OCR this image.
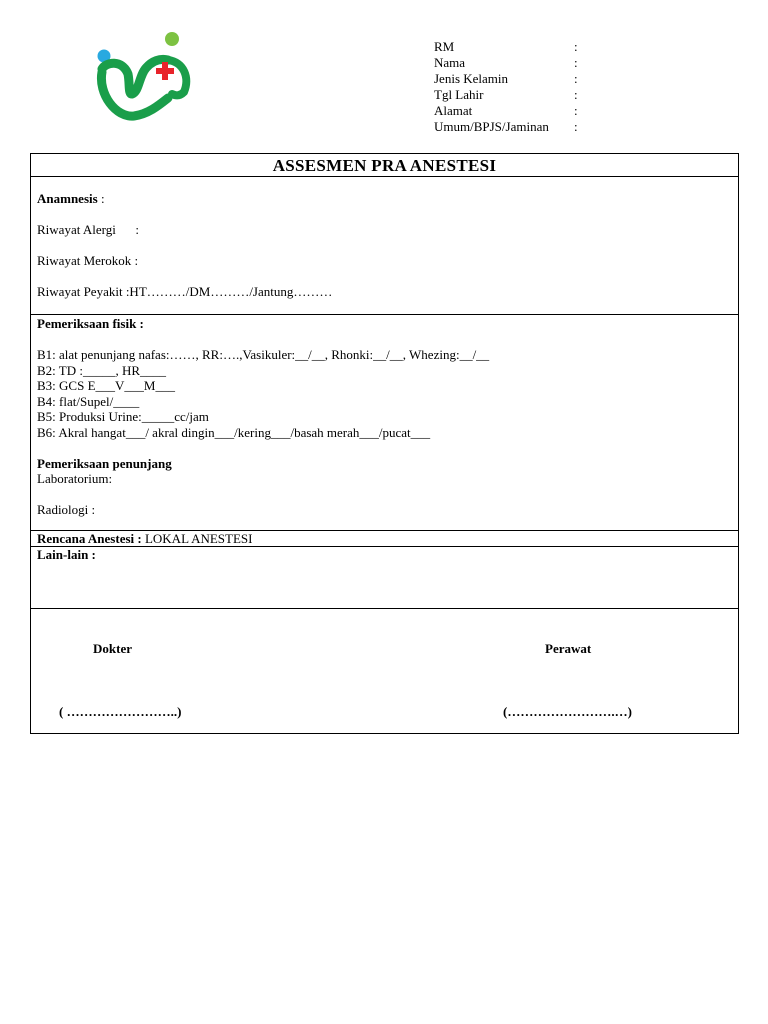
RM	:
Nama	:
Jenis Kelamin	:
Tgl Lahir	:
Alamat	:
Umum/BPJS/Jaminan :
ASSESMEN PRA ANESTESI
Anamnesis :
Riwayat Alergi      :
Riwayat Merokok :
Riwayat Peyakit :HT………/DM………/Jantung………
Pemeriksaan fisik :
B1: alat penunjang nafas:……, RR:….,Vasikuler:__/__, Rhonki:__/__, Whezing:__/__
B2: TD :_____, HR____
B3: GCS E___V___M___
B4: flat/Supel/____
B5: Produksi Urine:_____cc/jam
B6: Akral hangat___/ akral dingin___/kering___/basah merah___/pucat___
Pemeriksaan penunjang
Laboratorium:
Radiologi :
Rencana Anestesi : LOKAL ANESTESI
Lain-lain :
Dokter	Perawat
( ……………………..)	(…………………….…)
